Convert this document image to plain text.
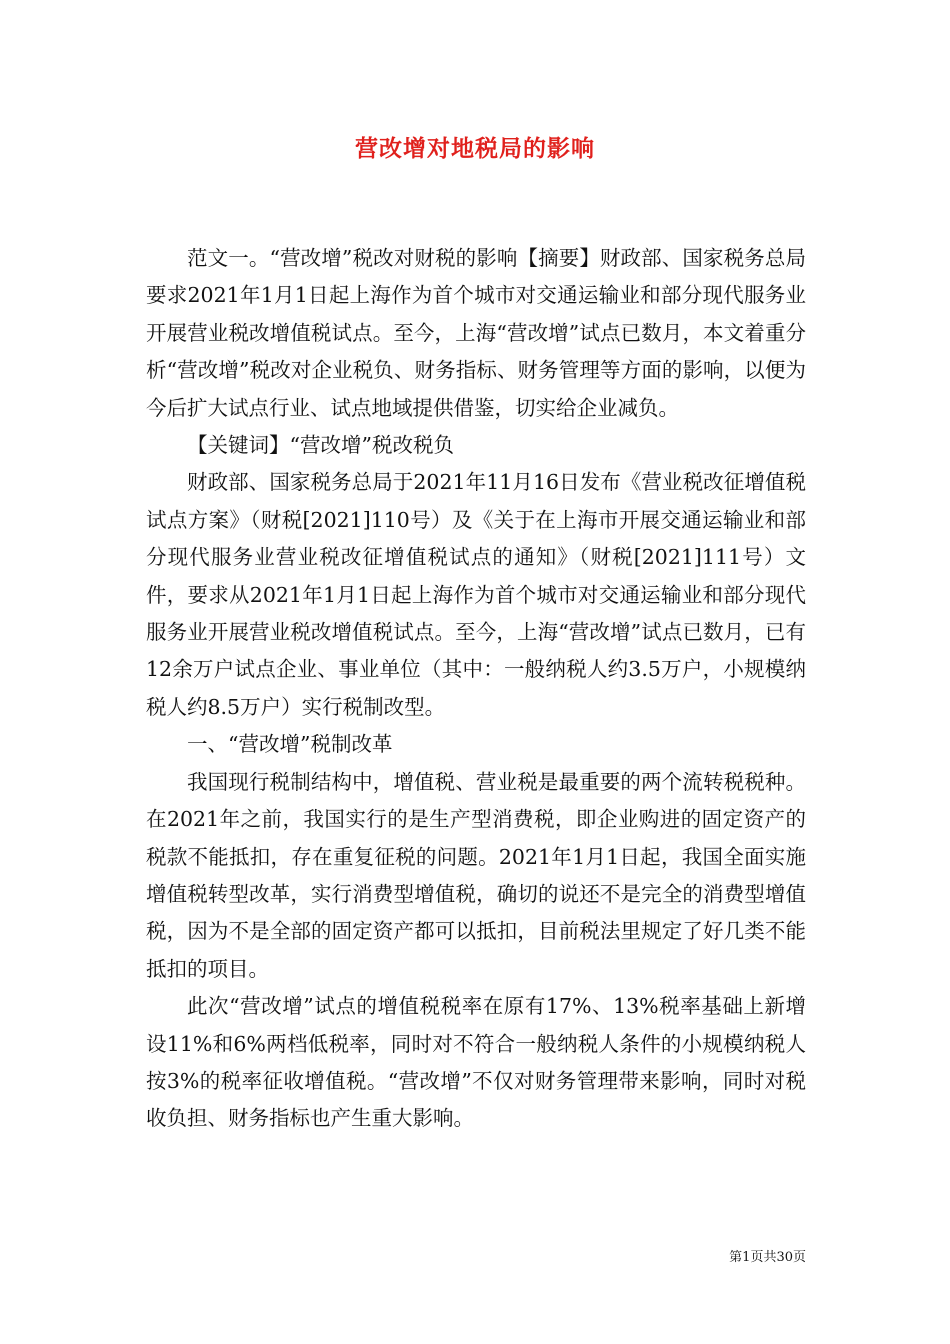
营改增对地税局的影响

范文一。“营改增”税改对财税的影响【摘要】财政部、国家税务总局要求2021年1月1日起上海作为首个城市对交通运输业和部分现代服务业开展营业税改增值税试点。至今，上海“营改增”试点已数月，本文着重分析“营改增”税改对企业税负、财务指标、财务管理等方面的影响，以便为今后扩大试点行业、试点地域提供借鉴，切实给企业减负。

【关键词】“营改增”税改税负

财政部、国家税务总局于2021年11月16日发布《营业税改征增值税试点方案》（财税[2021]110号）及《关于在上海市开展交通运输业和部分现代服务业营业税改征增值税试点的通知》（财税[2021]111号）文件，要求从2021年1月1日起上海作为首个城市对交通运输业和部分现代服务业开展营业税改增值税试点。至今，上海“营改增”试点已数月，已有12余万户试点企业、事业单位（其中：一般纳税人约3.5万户，小规模纳税人约8.5万户）实行税制改型。

一、“营改增”税制改革

我国现行税制结构中，增值税、营业税是最重要的两个流转税税种。在2021年之前，我国实行的是生产型消费税，即企业购进的固定资产的税款不能抵扣，存在重复征税的问题。2021年1月1日起，我国全面实施增值税转型改革，实行消费型增值税，确切的说还不是完全的消费型增值税，因为不是全部的固定资产都可以抵扣，目前税法里规定了好几类不能抵扣的项目。

此次“营改增”试点的增值税税率在原有17%、13%税率基础上新增设11%和6%两档低税率，同时对不符合一般纳税人条件的小规模纳税人按3%的税率征收增值税。“营改增”不仅对财务管理带来影响，同时对税收负担、财务指标也产生重大影响。

第1页共30页
